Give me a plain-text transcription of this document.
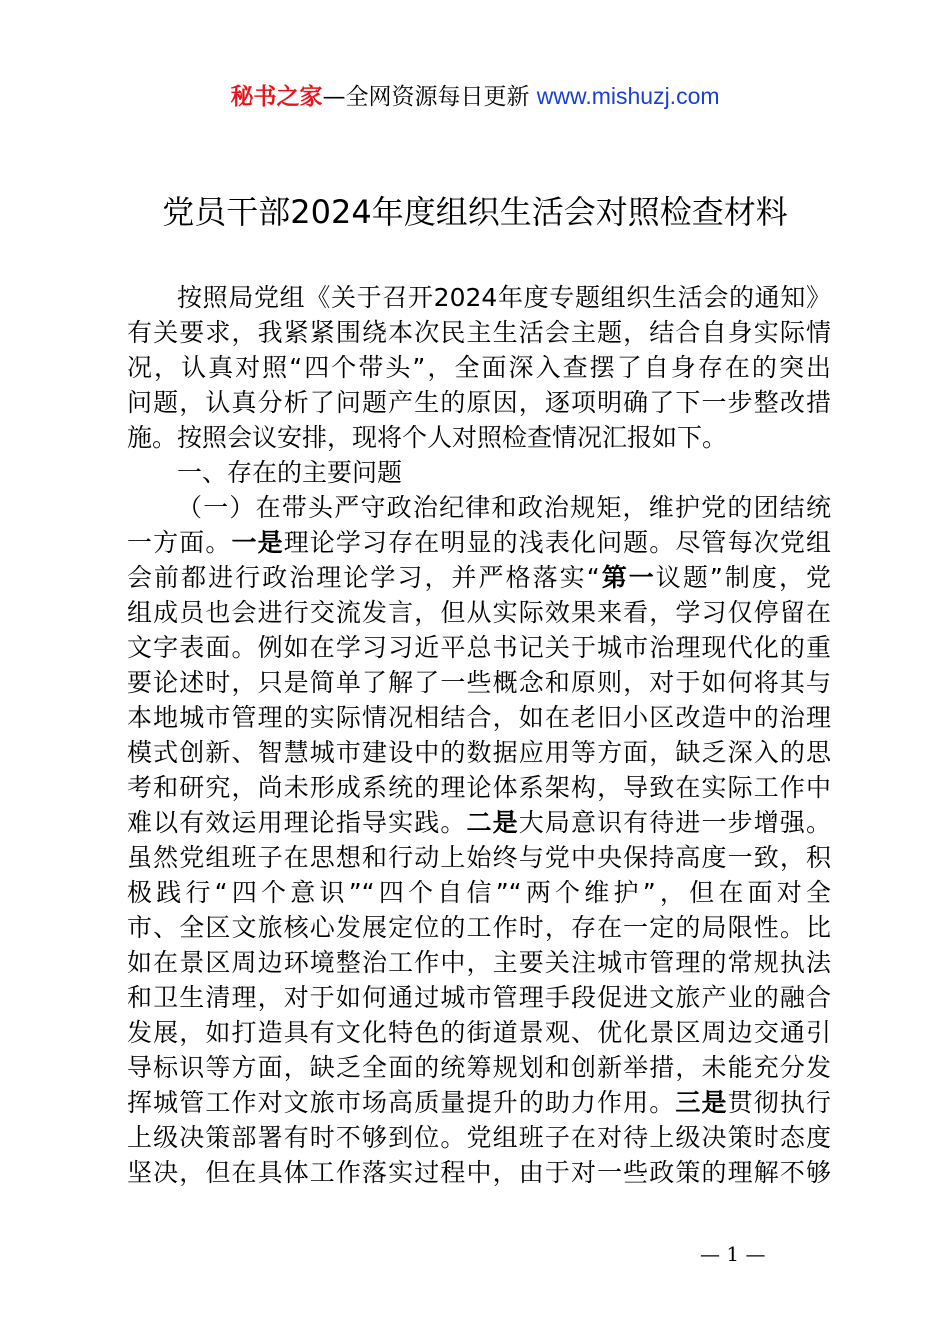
秘书之家—全网资源每日更新 www.mishuzj.com
党员干部2024年度组织生活会对照检查材料
按照局党组《关于召开2024年度专题组织生活会的通知》
有关要求，我紧紧围绕本次民主生活会主题，结合自身实际情
况，认真对照“四个带头”，全面深入查摆了自身存在的突出
问题，认真分析了问题产生的原因，逐项明确了下一步整改措
施。按照会议安排，现将个人对照检查情况汇报如下。
一、存在的主要问题
（一）在带头严守政治纪律和政治规矩，维护党的团结统
一方面。一是理论学习存在明显的浅表化问题。尽管每次党组
会前都进行政治理论学习，并严格落实“第一议题”制度，党
组成员也会进行交流发言，但从实际效果来看，学习仅停留在
文字表面。例如在学习习近平总书记关于城市治理现代化的重
要论述时，只是简单了解了一些概念和原则，对于如何将其与
本地城市管理的实际情况相结合，如在老旧小区改造中的治理
模式创新、智慧城市建设中的数据应用等方面，缺乏深入的思
考和研究，尚未形成系统的理论体系架构，导致在实际工作中
难以有效运用理论指导实践。二是大局意识有待进一步增强。
虽然党组班子在思想和行动上始终与党中央保持高度一致，积
极践行“四个意识”“四个自信”“两个维护”，但在面对全
市、全区文旅核心发展定位的工作时，存在一定的局限性。比
如在景区周边环境整治工作中，主要关注城市管理的常规执法
和卫生清理，对于如何通过城市管理手段促进文旅产业的融合
发展，如打造具有文化特色的街道景观、优化景区周边交通引
导标识等方面，缺乏全面的统筹规划和创新举措，未能充分发
挥城管工作对文旅市场高质量提升的助力作用。三是贯彻执行
上级决策部署有时不够到位。党组班子在对待上级决策时态度
坚决，但在具体工作落实过程中，由于对一些政策的理解不够
— 1 —
